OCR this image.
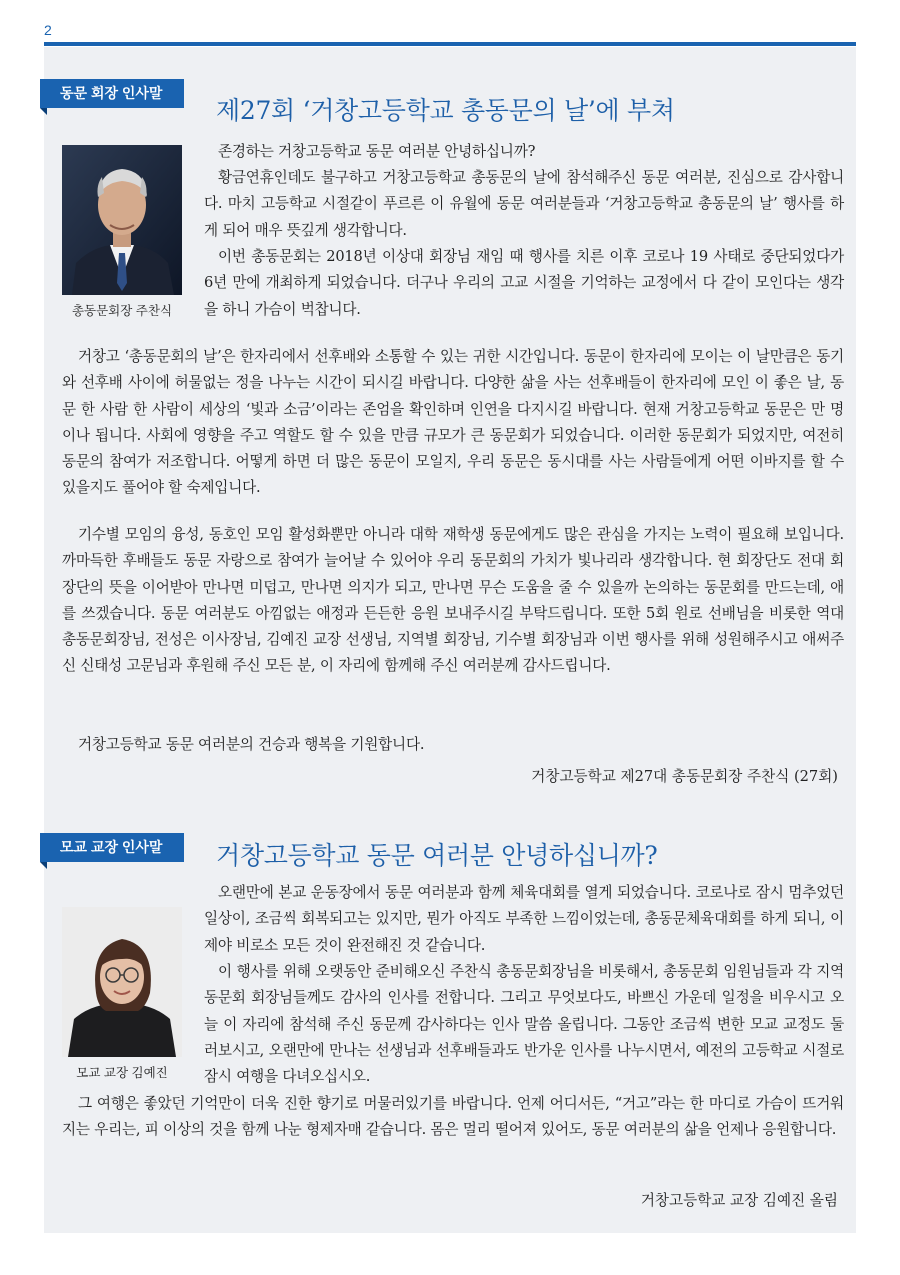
2
동문 회장 인사말
제27회 ‘거창고등학교 총동문의 날’에 부쳐
총동문회장 주찬식
존경하는 거창고등학교 동문 여러분 안녕하십니까?
황금연휴인데도 불구하고 거창고등학교 총동문의 날에 참석해주신 동문 여러분, 진심으로 감사합니다. 마치 고등학교 시절같이 푸르른 이 유월에 동문 여러분들과 ‘거창고등학교 총동문의 날’ 행사를 하게 되어 매우 뜻깊게 생각합니다.
이번 총동문회는 2018년 이상대 회장님 재임 때 행사를 치른 이후 코로나 19 사태로 중단되었다가 6년 만에 개최하게 되었습니다. 더구나 우리의 고교 시절을 기억하는 교정에서 다 같이 모인다는 생각을 하니 가슴이 벅찹니다.
거창고 ‘총동문회의 날’은 한자리에서 선후배와 소통할 수 있는 귀한 시간입니다. 동문이 한자리에 모이는 이 날만큼은 동기와 선후배 사이에 허물없는 정을 나누는 시간이 되시길 바랍니다. 다양한 삶을 사는 선후배들이 한자리에 모인 이 좋은 날, 동문 한 사람 한 사람이 세상의 ‘빛과 소금’이라는 존엄을 확인하며 인연을 다지시길 바랍니다. 현재 거창고등학교 동문은 만 명이나 됩니다. 사회에 영향을 주고 역할도 할 수 있을 만큼 규모가 큰 동문회가 되었습니다. 이러한 동문회가 되었지만, 여전히 동문의 참여가 저조합니다. 어떻게 하면 더 많은 동문이 모일지, 우리 동문은 동시대를 사는 사람들에게 어떤 이바지를 할 수 있을지도 풀어야 할 숙제입니다.
기수별 모임의 융성, 동호인 모임 활성화뿐만 아니라 대학 재학생 동문에게도 많은 관심을 가지는 노력이 필요해 보입니다. 까마득한 후배들도 동문 자랑으로 참여가 늘어날 수 있어야 우리 동문회의 가치가 빛나리라 생각합니다. 현 회장단도 전대 회장단의 뜻을 이어받아 만나면 미덥고, 만나면 의지가 되고, 만나면 무슨 도움을 줄 수 있을까 논의하는 동문회를 만드는데, 애를 쓰겠습니다. 동문 여러분도 아낌없는 애정과 든든한 응원 보내주시길 부탁드립니다. 또한 5회 원로 선배님을 비롯한 역대 총동문회장님, 전성은 이사장님, 김예진 교장 선생님, 지역별 회장님, 기수별 회장님과 이번 행사를 위해 성원해주시고 애써주신 신태성 고문님과 후원해 주신 모든 분, 이 자리에 함께해 주신 여러분께 감사드립니다.
거창고등학교 동문 여러분의 건승과 행복을 기원합니다.
거창고등학교 제27대 총동문회장 주찬식 (27회)
모교 교장 인사말	거창고등학교 동문 여러분 안녕하십니까?
모교 교장 김예진
오랜만에 본교 운동장에서 동문 여러분과 함께 체육대회를 열게 되었습니다. 코로나로 잠시 멈추었던 일상이, 조금씩 회복되고는 있지만, 뭔가 아직도 부족한 느낌이었는데, 총동문체육대회를 하게 되니, 이제야 비로소 모든 것이 완전해진 것 같습니다.
이 행사를 위해 오랫동안 준비해오신 주찬식 총동문회장님을 비롯해서, 총동문회 임원님들과 각 지역 동문회 회장님들께도 감사의 인사를 전합니다. 그리고 무엇보다도, 바쁘신 가운데 일정을 비우시고 오늘 이 자리에 참석해 주신 동문께 감사하다는 인사 말씀 올립니다. 그동안 조금씩 변한 모교 교정도 둘러보시고, 오랜만에 만나는 선생님과 선후배들과도 반가운 인사를 나누시면서, 예전의 고등학교 시절로 잠시 여행을 다녀오십시오.
그 여행은 좋았던 기억만이 더욱 진한 향기로 머물러있기를 바랍니다. 언제 어디서든, “거고”라는 한 마디로 가슴이 뜨거워지는 우리는, 피 이상의 것을 함께 나눈 형제자매 같습니다. 몸은 멀리 떨어져 있어도, 동문 여러분의 삶을 언제나 응원합니다.
거창고등학교 교장 김예진 올림
